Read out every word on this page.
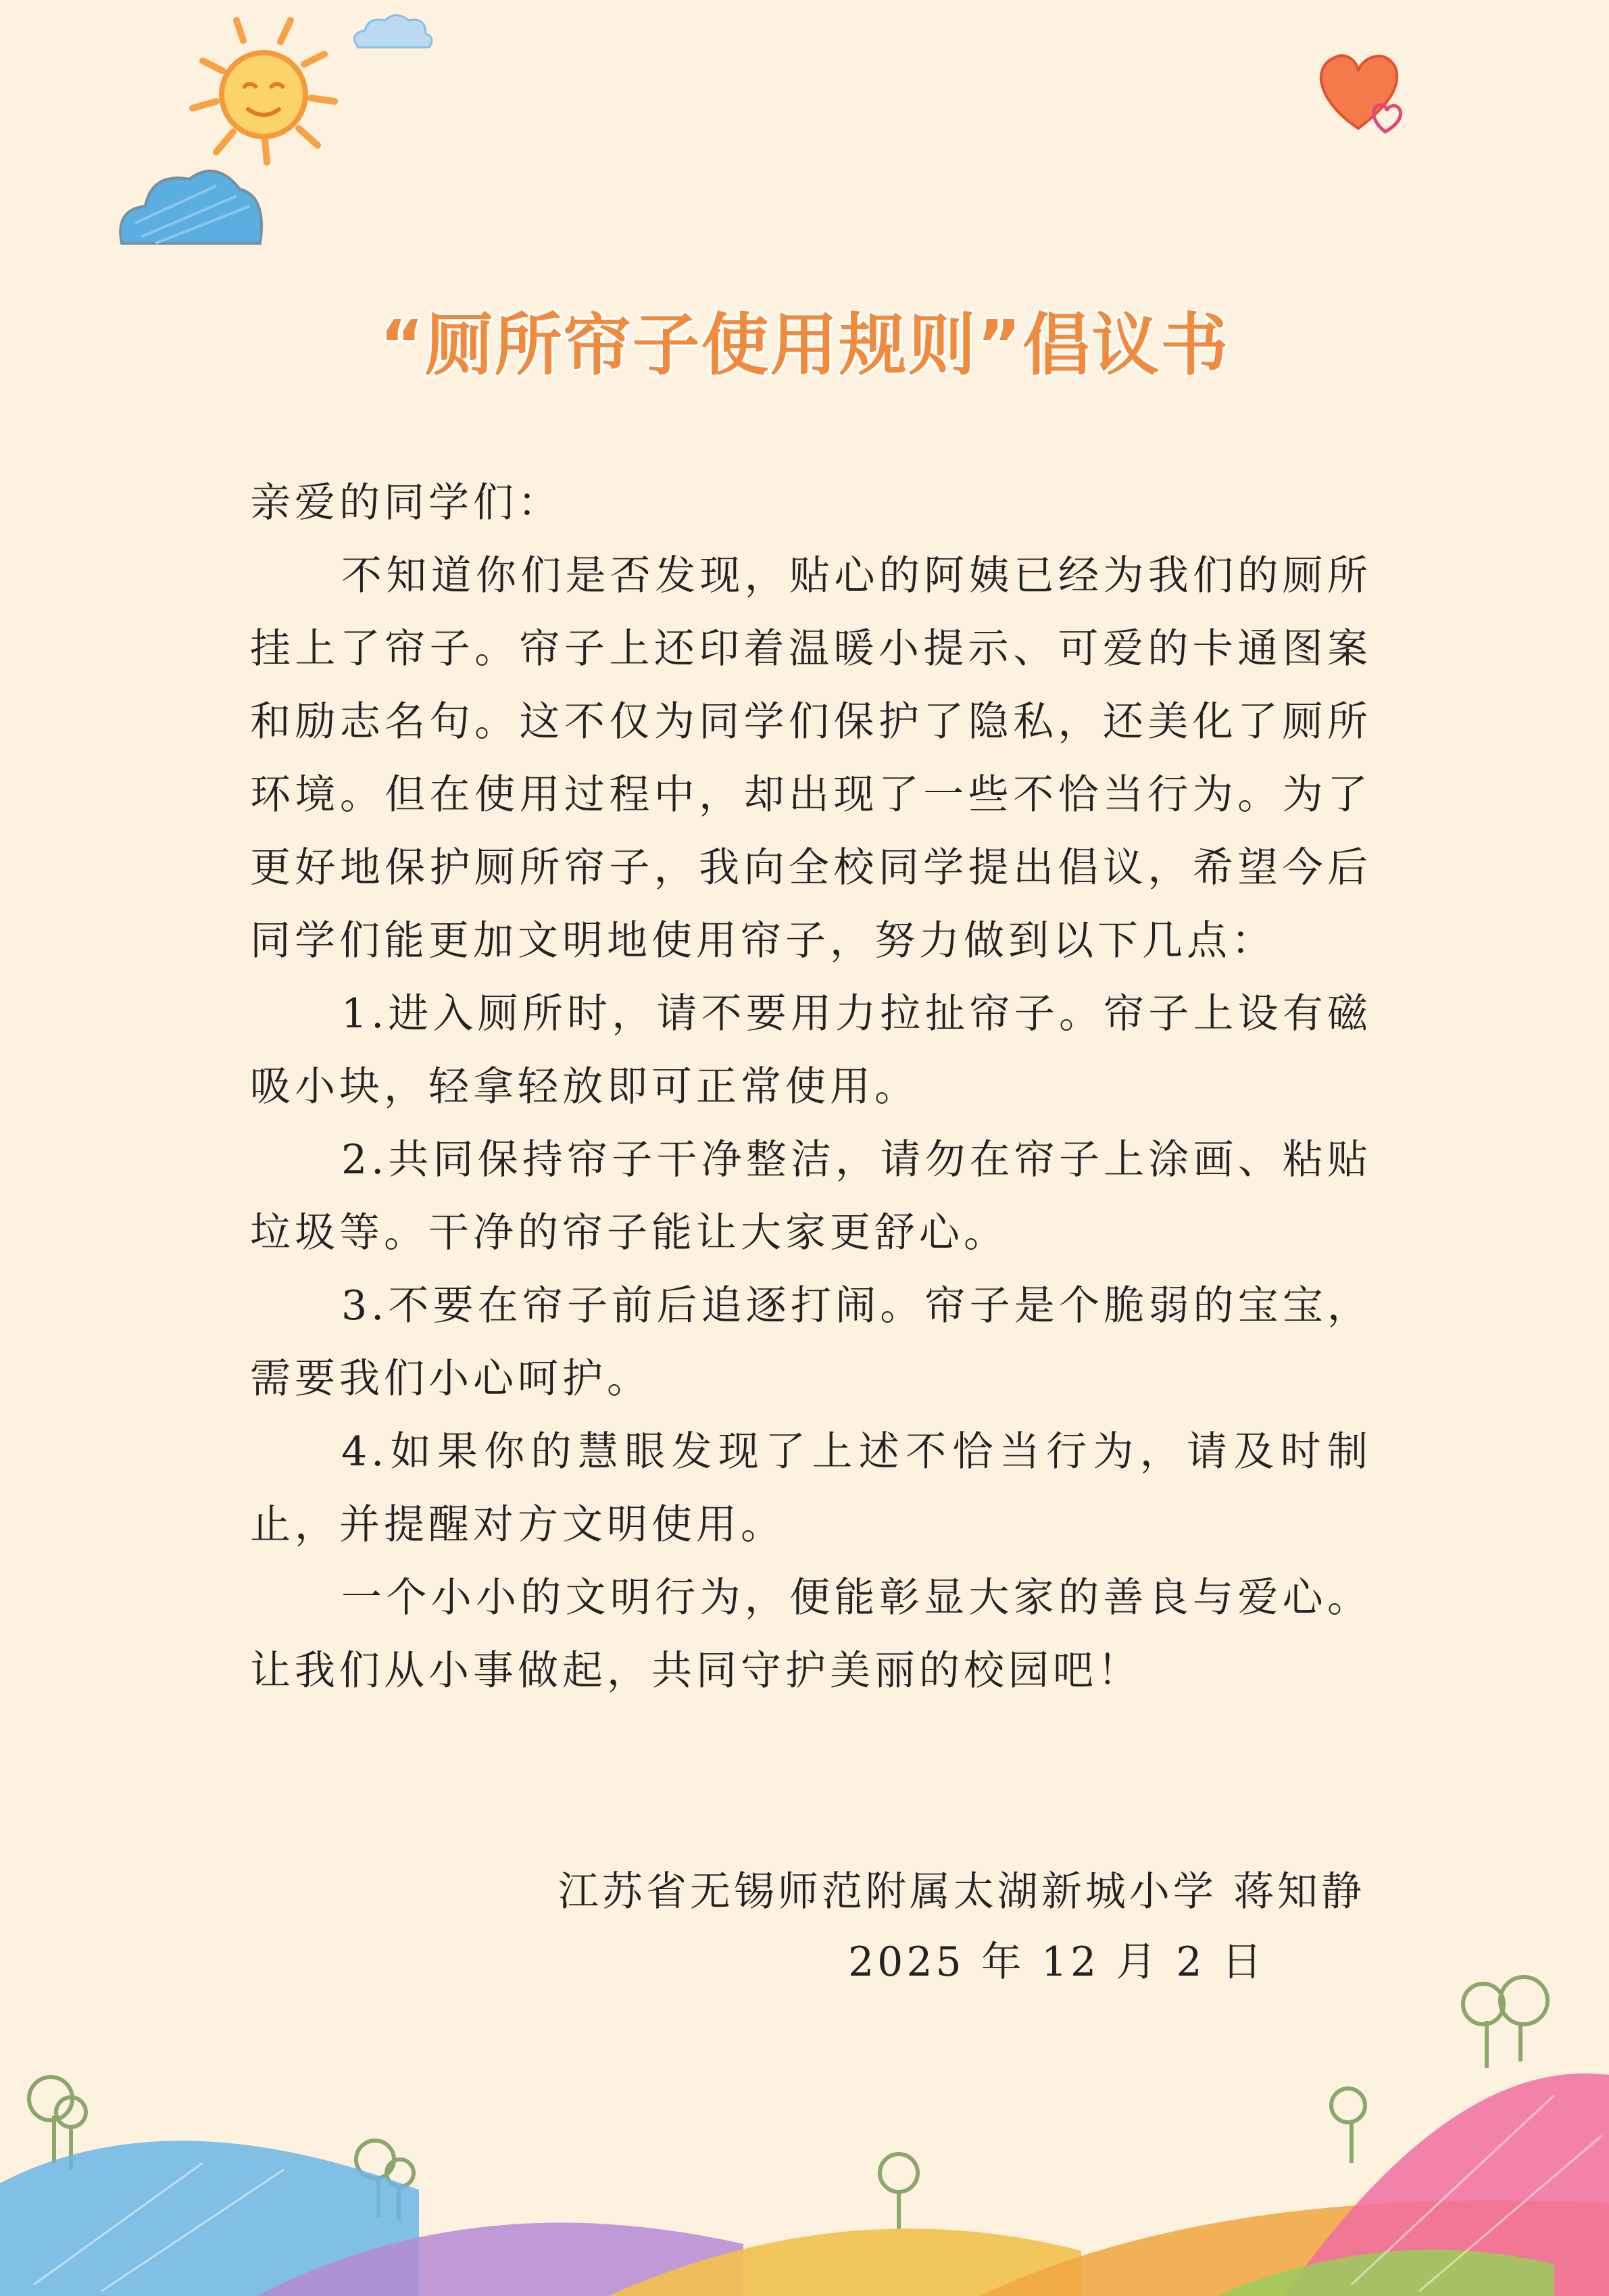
“厕所帘子使用规则”倡议书

亲爱的同学们：

不知道你们是否发现，贴心的阿姨已经为我们的厕所挂上了帘子。帘子上还印着温暖小提示、可爱的卡通图案和励志名句。这不仅为同学们保护了隐私，还美化了厕所环境。但在使用过程中，却出现了一些不恰当行为。为了更好地保护厕所帘子，我向全校同学提出倡议，希望今后同学们能更加文明地使用帘子，努力做到以下几点：

1.进入厕所时，请不要用力拉扯帘子。帘子上设有磁吸小块，轻拿轻放即可正常使用。

2.共同保持帘子干净整洁，请勿在帘子上涂画、粘贴垃圾等。干净的帘子能让大家更舒心。

3.不要在帘子前后追逐打闹。帘子是个脆弱的宝宝，需要我们小心呵护。

4.如果你的慧眼发现了上述不恰当行为，请及时制止，并提醒对方文明使用。

一个小小的文明行为，便能彰显大家的善良与爱心。让我们从小事做起，共同守护美丽的校园吧！

江苏省无锡师范附属太湖新城小学 蒋知静
2025 年 12 月 2 日
